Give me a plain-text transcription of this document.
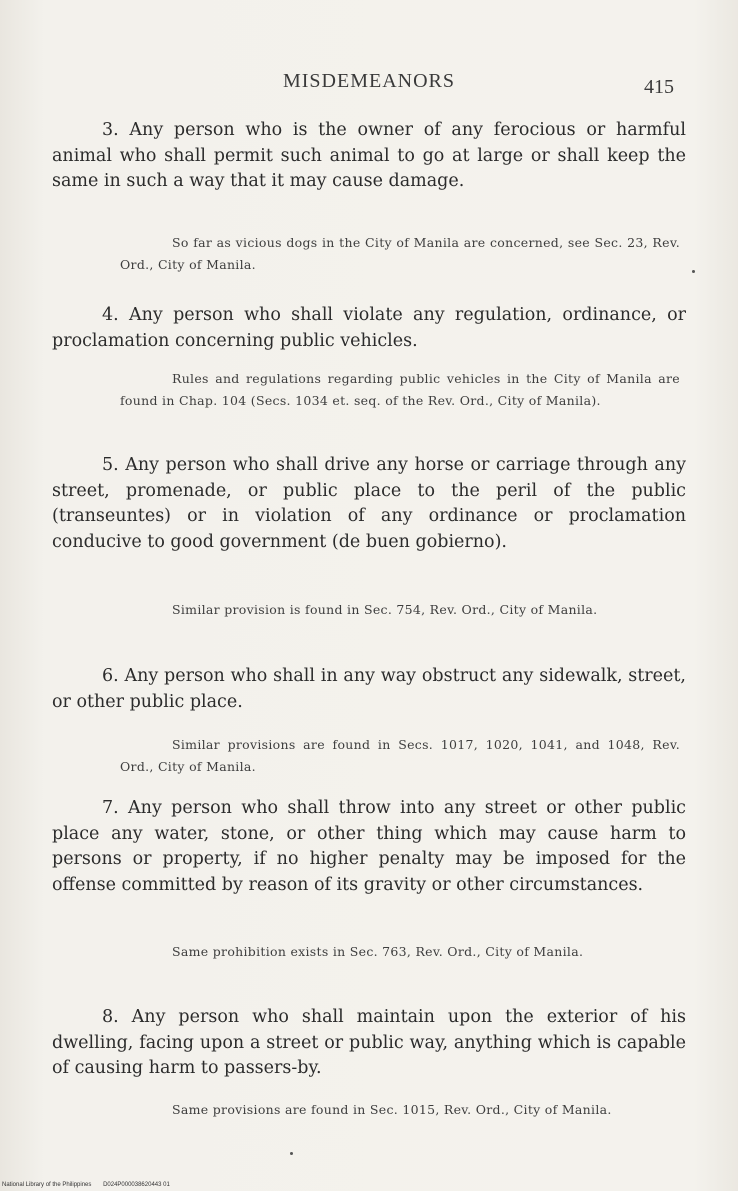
MISDEMEANORS	415
3. Any person who is the owner of any ferocious or harmful animal who shall permit such animal to go at large or shall keep the same in such a way that it may cause damage.
So far as vicious dogs in the City of Manila are concerned, see Sec. 23, Rev. Ord., City of Manila.
4. Any person who shall violate any regulation, ordinance, or proclamation concerning public vehicles.
Rules and regulations regarding public vehicles in the City of Manila are found in Chap. 104 (Secs. 1034 et. seq. of the Rev. Ord., City of Manila).
5. Any person who shall drive any horse or carriage through any street, promenade, or public place to the peril of the public (transeuntes) or in violation of any ordinance or proclamation conducive to good government (de buen gobierno).
Similar provision is found in Sec. 754, Rev. Ord., City of Manila.
6. Any person who shall in any way obstruct any sidewalk, street, or other public place.
Similar provisions are found in Secs. 1017, 1020, 1041, and 1048, Rev. Ord., City of Manila.
7. Any person who shall throw into any street or other public place any water, stone, or other thing which may cause harm to persons or property, if no higher penalty may be imposed for the offense committed by reason of its gravity or other circumstances.
Same prohibition exists in Sec. 763, Rev. Ord., City of Manila.
8. Any person who shall maintain upon the exterior of his dwelling, facing upon a street or public way, anything which is capable of causing harm to passers-by.
Same provisions are found in Sec. 1015, Rev. Ord., City of Manila.
National Library of the Philippines D024P000038620443 01
